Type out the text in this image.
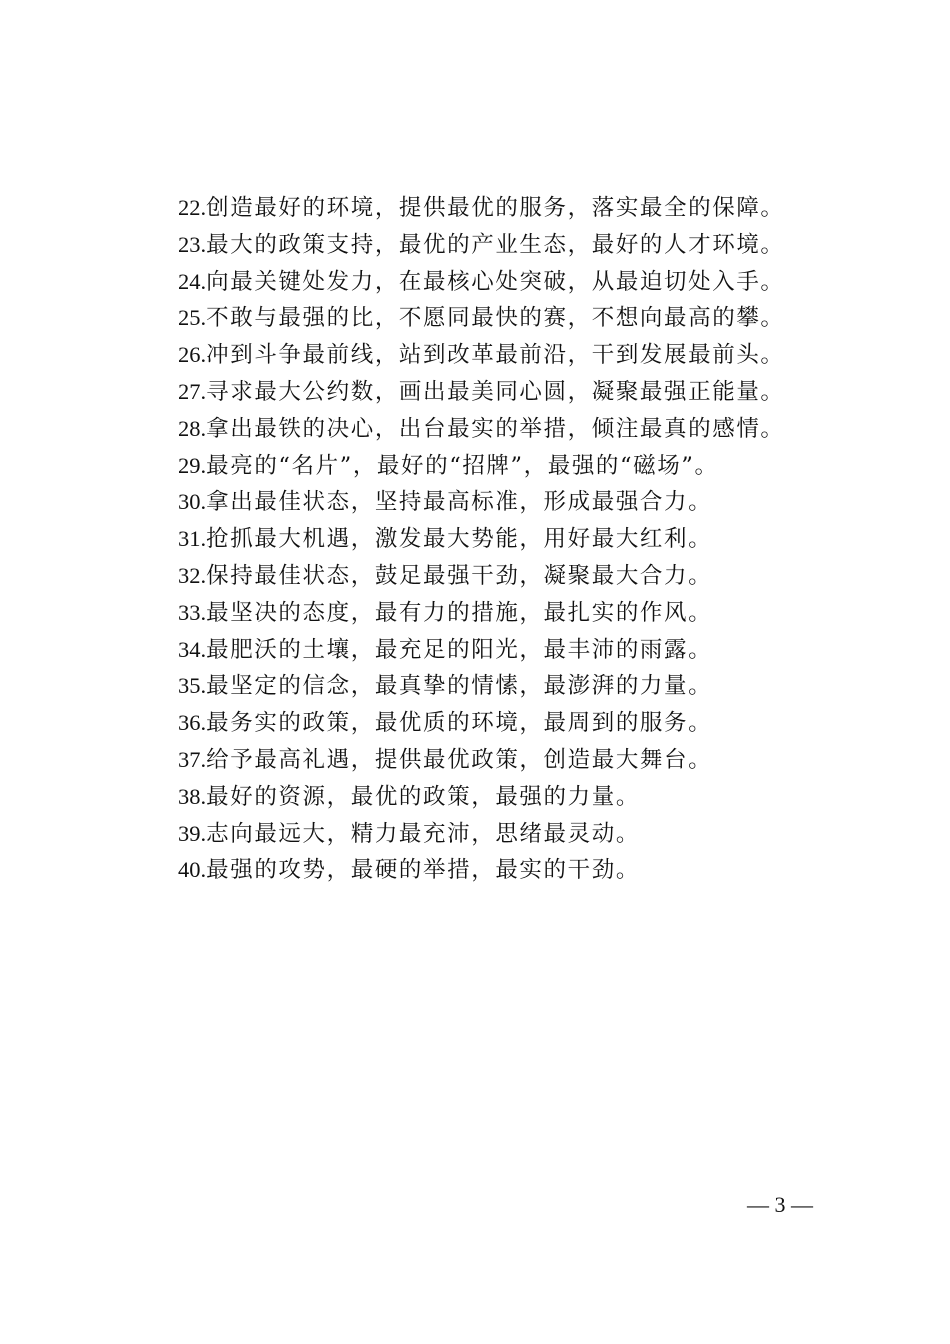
22.创造最好的环境，提供最优的服务，落实最全的保障。
23.最大的政策支持，最优的产业生态，最好的人才环境。
24.向最关键处发力，在最核心处突破，从最迫切处入手。
25.不敢与最强的比，不愿同最快的赛，不想向最高的攀。
26.冲到斗争最前线，站到改革最前沿，干到发展最前头。
27.寻求最大公约数，画出最美同心圆，凝聚最强正能量。
28.拿出最铁的决心，出台最实的举措，倾注最真的感情。
29.最亮的“名片”，最好的“招牌”，最强的“磁场”。
30.拿出最佳状态，坚持最高标准，形成最强合力。
31.抢抓最大机遇，激发最大势能，用好最大红利。
32.保持最佳状态，鼓足最强干劲，凝聚最大合力。
33.最坚决的态度，最有力的措施，最扎实的作风。
34.最肥沃的土壤，最充足的阳光，最丰沛的雨露。
35.最坚定的信念，最真挚的情愫，最澎湃的力量。
36.最务实的政策，最优质的环境，最周到的服务。
37.给予最高礼遇，提供最优政策，创造最大舞台。
38.最好的资源，最优的政策，最强的力量。
39.志向最远大，精力最充沛，思绪最灵动。
40.最强的攻势，最硬的举措，最实的干劲。
— 3 —
